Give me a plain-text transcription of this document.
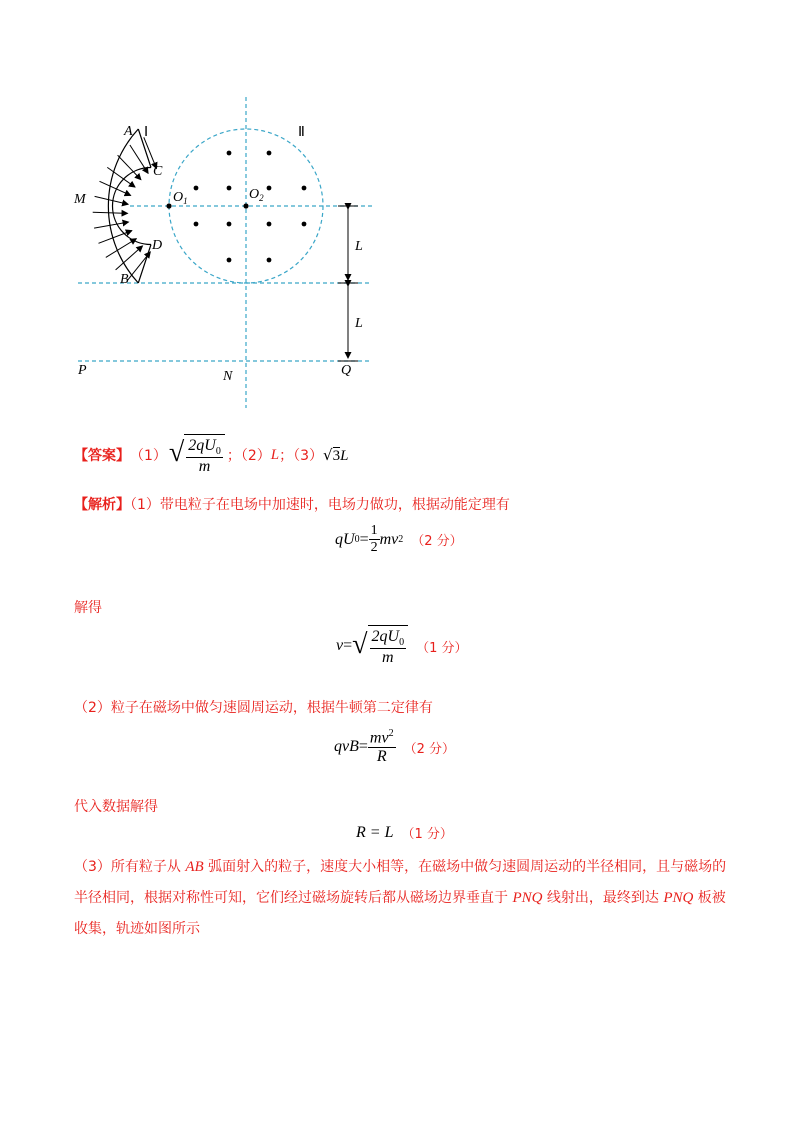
A
C
M
D
B
$O_1$	$O_2$
Ⅰ	Ⅱ
L
L
P	N	Q
【答案】 （1） √ $\frac{2qU_0}{m}$ ；（2） L ；（3） √3L
【解析】（1）带电粒子在电场中加速时，电场力做功，根据动能定理有
qU $0 = \frac{1}{2}$ mv 2 （2 分）
解得
v = √ $\frac{2qU_0}{m} (1$ 分）
（2）粒子在磁场中做匀速圆周运动，根据牛顿第二定律有
qvB = $\frac{mv^2}{R} (2$ 分）
代入数据解得
R = L （1 分）
（3）所有粒子从 AB 弧面射入的粒子，速度大小相等，在磁场中做匀速圆周运动的半径相同，且与磁场的
半径相同，根据对称性可知，它们经过磁场旋转后都从磁场边界垂直于 PNQ 线射出，最终到达 PNQ 板被
收集，轨迹如图所示
